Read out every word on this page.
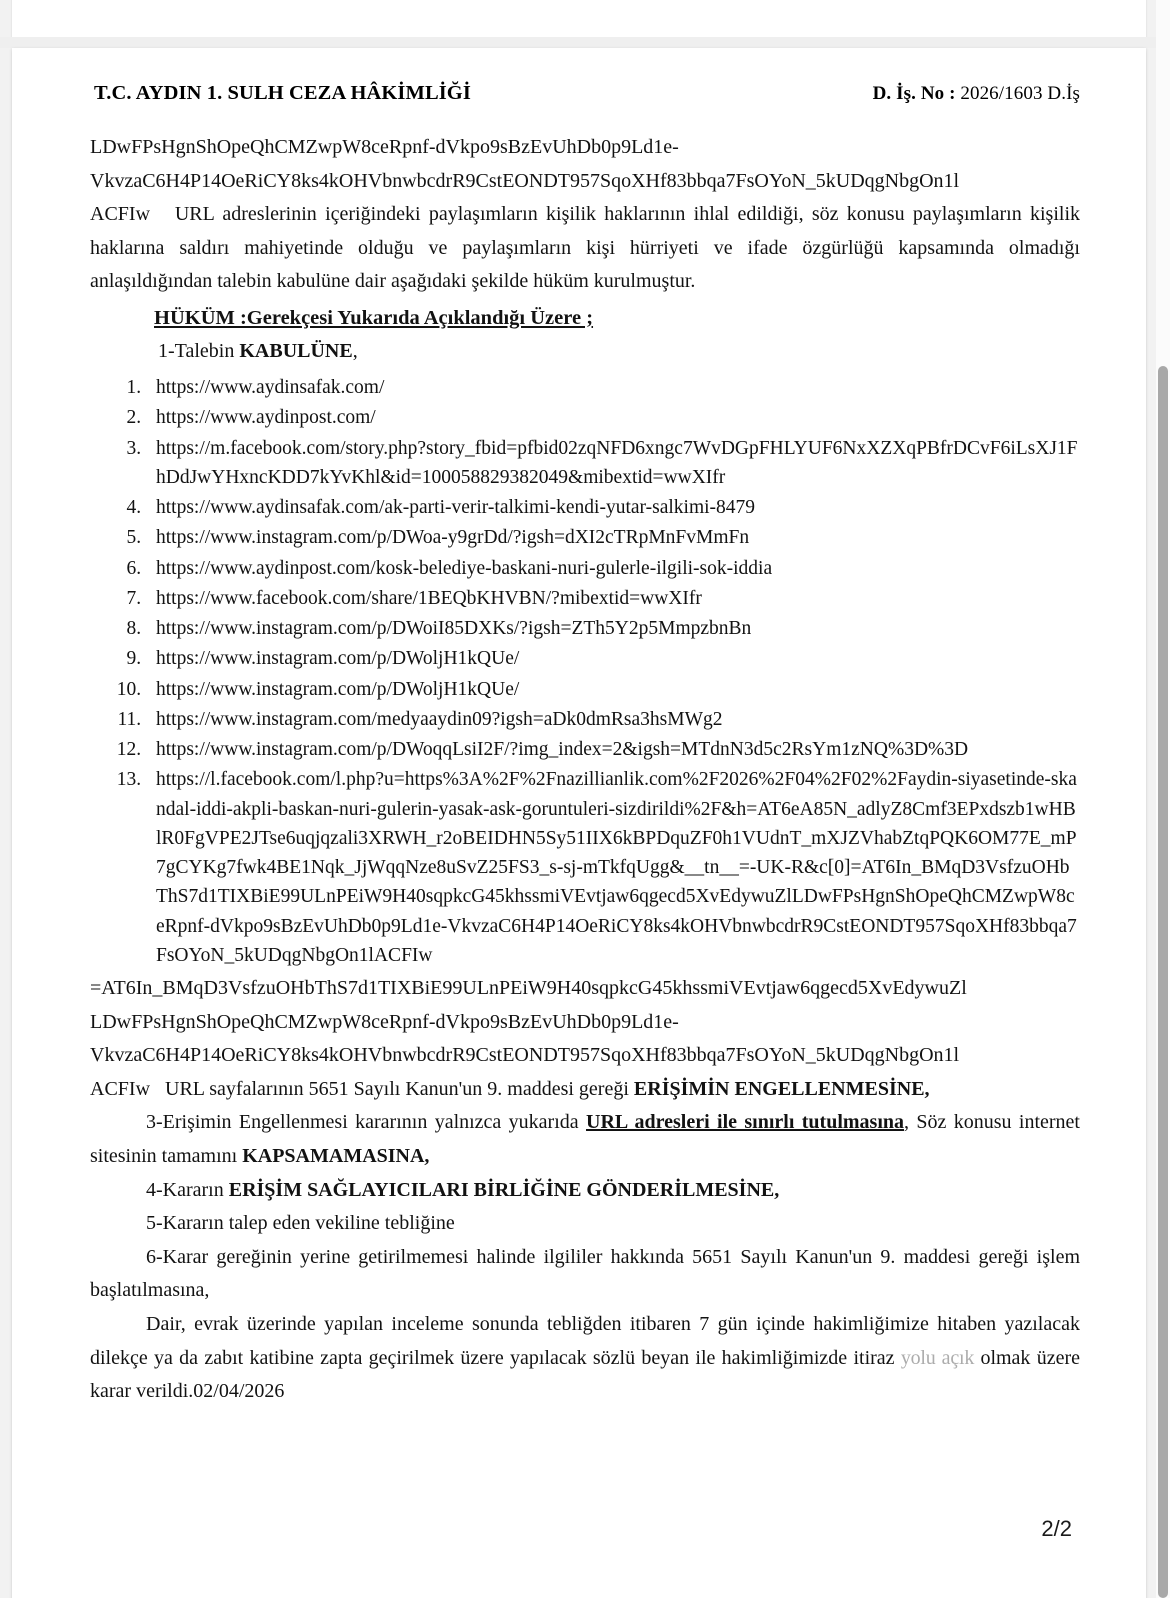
T.C. AYDIN 1. SULH CEZA HÂKİMLİĞİ	D. İş. No : 2026/1603 D.İş

LDwFPsHgnShOpeQhCMZwpW8ceRpnf-dVkpo9sBzEvUhDb0p9Ld1e-

VkvzaC6H4P14OeRiCY8ks4kOHVbnwbcdrR9CstEONDT957SqoXHf83bbqa7FsOYoN_5kUDqgNbgOn1l

ACFIw URL adreslerinin içeriğindeki paylaşımların kişilik haklarının ihlal edildiği, söz konusu paylaşımların kişilik haklarına saldırı mahiyetinde olduğu ve paylaşımların kişi hürriyeti ve ifade özgürlüğü kapsamında olmadığı anlaşıldığından talebin kabulüne dair aşağıdaki şekilde hüküm kurulmuştur.

HÜKÜM :Gerekçesi Yukarıda Açıklandığı Üzere ;

1-Talebin KABULÜNE,

1. https://www.aydinsafak.com/
2. https://www.aydinpost.com/
3. https://m.facebook.com/story.php?story_fbid=pfbid02zqNFD6xngc7WvDGpFHLYUF6NxXZXqPBfrDCvF6iLsXJ1FhDdJwYHxncKDD7kYvKhl&id=100058829382049&mibextid=wwXIfr
4. https://www.aydinsafak.com/ak-parti-verir-talkimi-kendi-yutar-salkimi-8479
5. https://www.instagram.com/p/DWoa-y9grDd/?igsh=dXI2cTRpMnFvMmFn
6. https://www.aydinpost.com/kosk-belediye-baskani-nuri-gulerle-ilgili-sok-iddia
7. https://www.facebook.com/share/1BEQbKHVBN/?mibextid=wwXIfr
8. https://www.instagram.com/p/DWoiI85DXKs/?igsh=ZTh5Y2p5MmpzbnBn
9. https://www.instagram.com/p/DWoljH1kQUe/
10. https://www.instagram.com/p/DWoljH1kQUe/
11. https://www.instagram.com/medyaaydin09?igsh=aDk0dmRsa3hsMWg2
12. https://www.instagram.com/p/DWoqqLsiI2F/?img_index=2&igsh=MTdnN3d5c2RsYm1zNQ%3D%3D
13. https://l.facebook.com/l.php?u=https%3A%2F%2Fnazillianlik.com%2F2026%2F04%2F02%2Faydin-siyasetinde-skandal-iddi-akpli-baskan-nuri-gulerin-yasak-ask-goruntuleri-sizdirildi%2F&h=AT6eA85N_adlyZ8Cmf3EPxdszb1wHBlR0FgVPE2JTse6uqjqzali3XRWH_r2oBEIDHN5Sy51IIX6kBPDquZF0h1VUdnT_mXJZVhabZtqPQK6OM77E_mP7gCYKg7fwk4BE1Nqk_JjWqqNze8uSvZ25FS3_s-sj-mTkfqUgg&__tn__=-UK-R&c[0]=AT6In_BMqD3VsfzuOHbThS7d1TIXBiE99ULnPEiW9H40sqpkcG45khssmiVEvtjaw6qgecd5XvEdywuZlLDwFPsHgnShOpeQhCMZwpW8ceRpnf-dVkpo9sBzEvUhDb0p9Ld1e-VkvzaC6H4P14OeRiCY8ks4kOHVbnwbcdrR9CstEONDT957SqoXHf83bbqa7FsOYoN_5kUDqgNbgOn1lACFIw

=AT6In_BMqD3VsfzuOHbThS7d1TIXBiE99ULnPEiW9H40sqpkcG45khssmiVEvtjaw6qgecd5XvEdywuZl

LDwFPsHgnShOpeQhCMZwpW8ceRpnf-dVkpo9sBzEvUhDb0p9Ld1e-

VkvzaC6H4P14OeRiCY8ks4kOHVbnwbcdrR9CstEONDT957SqoXHf83bbqa7FsOYoN_5kUDqgNbgOn1l

ACFIw URL sayfalarının 5651 Sayılı Kanun'un 9. maddesi gereği ERİŞİMİN ENGELLENMESİNE,

3-Erişimin Engellenmesi kararının yalnızca yukarıda URL adresleri ile sınırlı tutulmasına, Söz konusu internet sitesinin tamamını KAPSAMAMASINA,

4-Kararın ERİŞİM SAĞLAYICILARI BİRLİĞİNE GÖNDERİLMESİNE,

5-Kararın talep eden vekiline tebliğine

6-Karar gereğinin yerine getirilmemesi halinde ilgililer hakkında 5651 Sayılı Kanun'un 9. maddesi gereği işlem başlatılmasına,

Dair, evrak üzerinde yapılan inceleme sonunda tebliğden itibaren 7 gün içinde hakimliğimize hitaben yazılacak dilekçe ya da zabıt katibine zapta geçirilmek üzere yapılacak sözlü beyan ile hakimliğimizde itiraz yolu açık olmak üzere karar verildi.02/04/2026

2/2
